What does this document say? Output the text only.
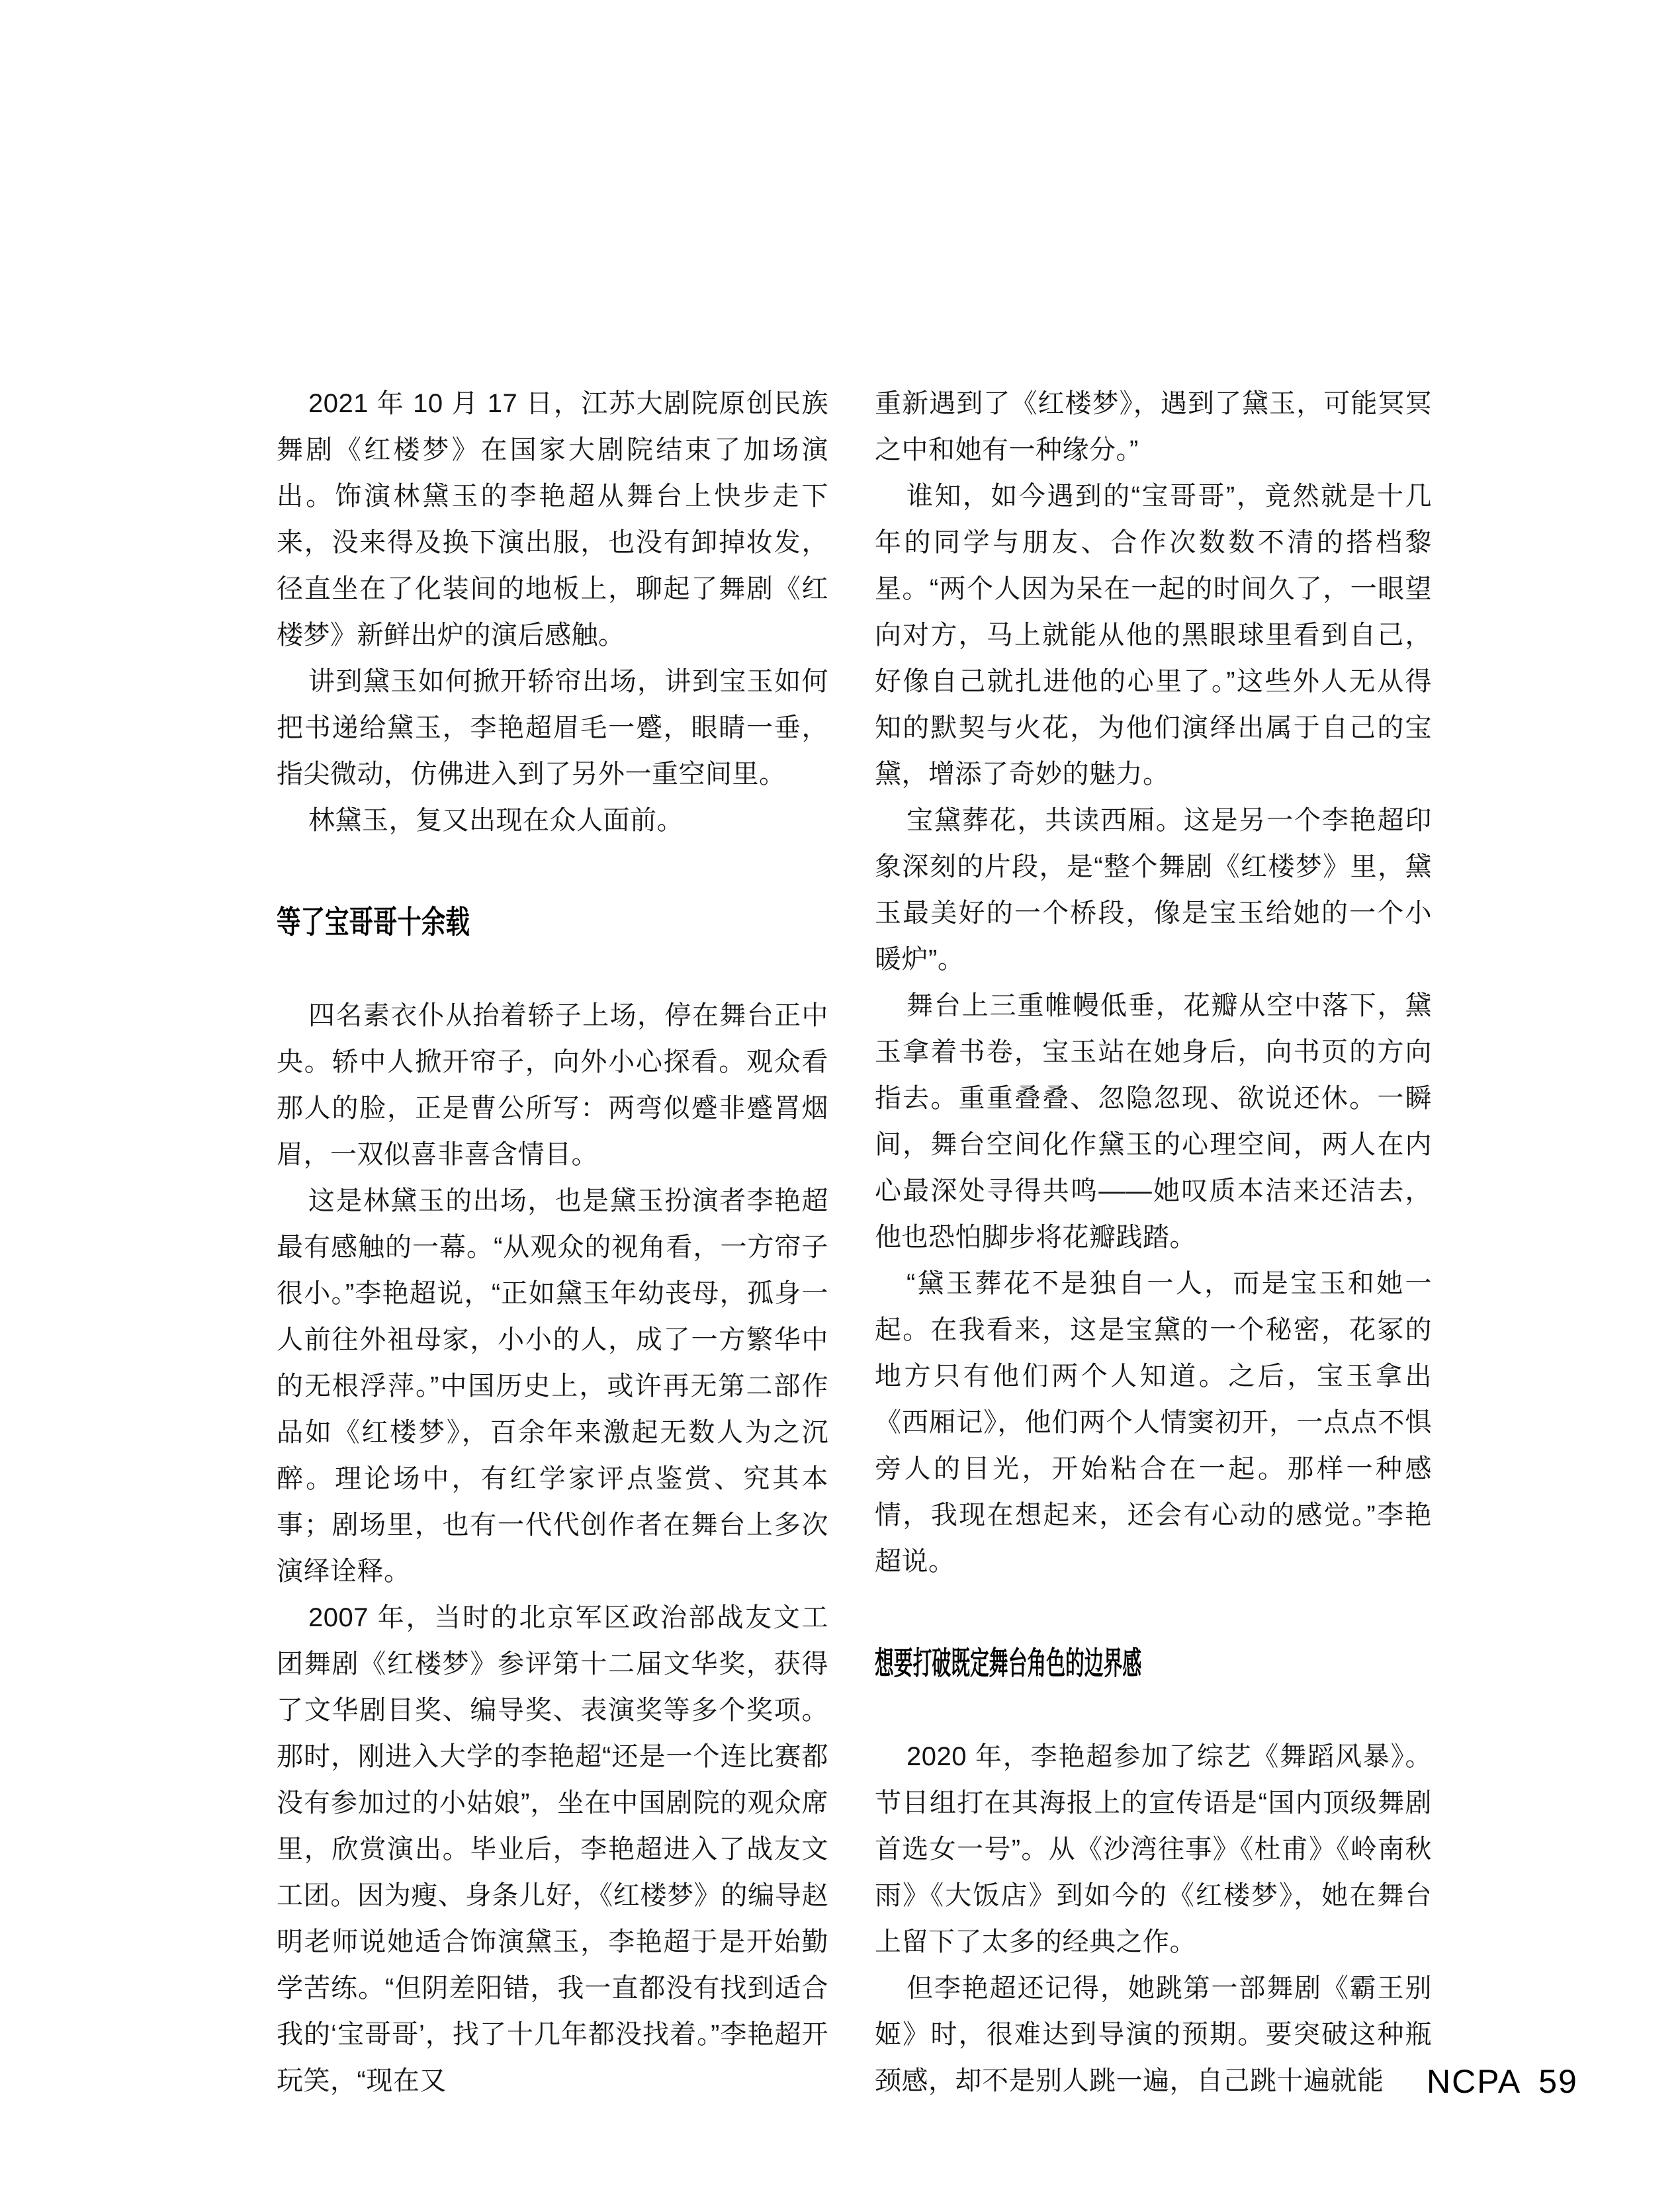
2021 年 10 月 17 日，江苏大剧院原创民族舞剧《红楼梦》在国家大剧院结束了加场演出。饰演林黛玉的李艳超从舞台上快步走下来，没来得及换下演出服，也没有卸掉妆发，径直坐在了化装间的地板上，聊起了舞剧《红楼梦》新鲜出炉的演后感触。

讲到黛玉如何掀开轿帘出场，讲到宝玉如何把书递给黛玉，李艳超眉毛一蹙，眼睛一垂，指尖微动，仿佛进入到了另外一重空间里。

林黛玉，复又出现在众人面前。

等了宝哥哥十余载

四名素衣仆从抬着轿子上场，停在舞台正中央。轿中人掀开帘子，向外小心探看。观众看那人的脸，正是曹公所写：两弯似蹙非蹙罥烟眉，一双似喜非喜含情目。

这是林黛玉的出场，也是黛玉扮演者李艳超最有感触的一幕。“从观众的视角看，一方帘子很小。”李艳超说，“正如黛玉年幼丧母，孤身一人前往外祖母家，小小的人，成了一方繁华中的无根浮萍。”中国历史上，或许再无第二部作品如《红楼梦》，百余年来激起无数人为之沉醉。理论场中，有红学家评点鉴赏、究其本事；剧场里，也有一代代创作者在舞台上多次演绎诠释。

2007 年，当时的北京军区政治部战友文工团舞剧《红楼梦》参评第十二届文华奖，获得了文华剧目奖、编导奖、表演奖等多个奖项。那时，刚进入大学的李艳超“还是一个连比赛都没有参加过的小姑娘”，坐在中国剧院的观众席里，欣赏演出。毕业后，李艳超进入了战友文工团。因为瘦、身条儿好，《红楼梦》的编导赵明老师说她适合饰演黛玉，李艳超于是开始勤学苦练。“但阴差阳错，我一直都没有找到适合我的‘宝哥哥’，找了十几年都没找着。”李艳超开玩笑，“现在又

重新遇到了《红楼梦》，遇到了黛玉，可能冥冥之中和她有一种缘分。”

谁知，如今遇到的“宝哥哥”，竟然就是十几年的同学与朋友、合作次数数不清的搭档黎星。“两个人因为呆在一起的时间久了，一眼望向对方，马上就能从他的黑眼球里看到自己，好像自己就扎进他的心里了。”这些外人无从得知的默契与火花，为他们演绎出属于自己的宝黛，增添了奇妙的魅力。

宝黛葬花，共读西厢。这是另一个李艳超印象深刻的片段，是“整个舞剧《红楼梦》里，黛玉最美好的一个桥段，像是宝玉给她的一个小暖炉”。

舞台上三重帷幔低垂，花瓣从空中落下，黛玉拿着书卷，宝玉站在她身后，向书页的方向指去。重重叠叠、忽隐忽现、欲说还休。一瞬间，舞台空间化作黛玉的心理空间，两人在内心最深处寻得共鸣——她叹质本洁来还洁去，他也恐怕脚步将花瓣践踏。

“黛玉葬花不是独自一人，而是宝玉和她一起。在我看来，这是宝黛的一个秘密，花冢的地方只有他们两个人知道。之后，宝玉拿出《西厢记》，他们两个人情窦初开，一点点不惧旁人的目光，开始粘合在一起。那样一种感情，我现在想起来，还会有心动的感觉。”李艳超说。

想要打破既定舞台角色的边界感

2020 年，李艳超参加了综艺《舞蹈风暴》。节目组打在其海报上的宣传语是“国内顶级舞剧首选女一号”。从《沙湾往事》《杜甫》《岭南秋雨》《大饭店》到如今的《红楼梦》，她在舞台上留下了太多的经典之作。

但李艳超还记得，她跳第一部舞剧《霸王别姬》时，很难达到导演的预期。要突破这种瓶颈感，却不是别人跳一遍，自己跳十遍就能	NCPA 59
